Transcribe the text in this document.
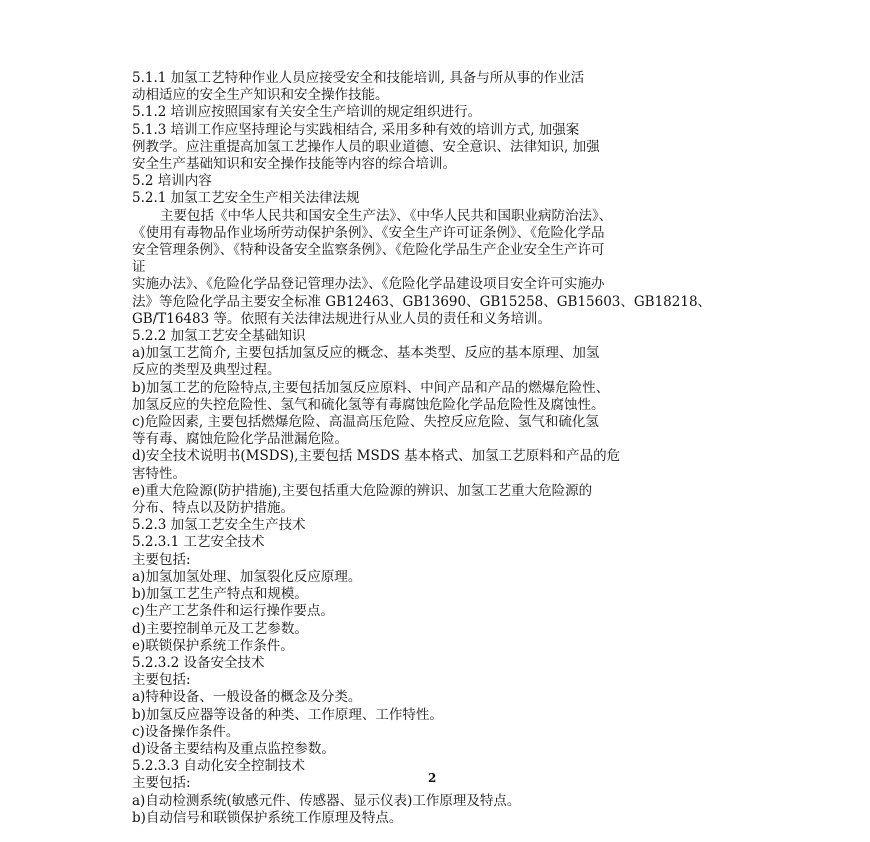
5.1.1 加氢工艺特种作业人员应接受安全和技能培训, 具备与所从事的作业活
动相适应的安全生产知识和安全操作技能。
5.1.2 培训应按照国家有关安全生产培训的规定组织进行。
5.1.3 培训工作应坚持理论与实践相结合, 采用多种有效的培训方式, 加强案
例教学。应注重提高加氢工艺操作人员的职业道德、安全意识、法律知识, 加强
安全生产基础知识和安全操作技能等内容的综合培训。
5.2 培训内容
5.2.1 加氢工艺安全生产相关法律法规
主要包括《中华人民共和国安全生产法》、《中华人民共和国职业病防治法》、
《使用有毒物品作业场所劳动保护条例》、《安全生产许可证条例》、《危险化学品
安全管理条例》、《特种设备安全监察条例》、《危险化学品生产企业安全生产许可
证
实施办法》、《危险化学品登记管理办法》、《危险化学品建设项目安全许可实施办
法》等危险化学品主要安全标准 GB12463、GB13690、GB15258、GB15603、GB18218、
GB/T16483 等。依照有关法律法规进行从业人员的责任和义务培训。
5.2.2 加氢工艺安全基础知识
a)加氢工艺简介, 主要包括加氢反应的概念、基本类型、反应的基本原理、加氢
反应的类型及典型过程。
b)加氢工艺的危险特点,主要包括加氢反应原料、中间产品和产品的燃爆危险性、
加氢反应的失控危险性、氢气和硫化氢等有毒腐蚀危险化学品危险性及腐蚀性。
c)危险因素, 主要包括燃爆危险、高温高压危险、失控反应危险、氢气和硫化氢
等有毒、腐蚀危险化学品泄漏危险。
d)安全技术说明书(MSDS),主要包括 MSDS 基本格式、加氢工艺原料和产品的危
害特性。
e)重大危险源(防护措施),主要包括重大危险源的辨识、加氢工艺重大危险源的
分布、特点以及防护措施。
5.2.3 加氢工艺安全生产技术
5.2.3.1 工艺安全技术
主要包括:
a)加氢加氢处理、加氢裂化反应原理。
b)加氢工艺生产特点和规模。
c)生产工艺条件和运行操作要点。
d)主要控制单元及工艺参数。
e)联锁保护系统工作条件。
5.2.3.2 设备安全技术
主要包括:
a)特种设备、一般设备的概念及分类。
b)加氢反应器等设备的种类、工作原理、工作特性。
c)设备操作条件。
d)设备主要结构及重点监控参数。
5.2.3.3 自动化安全控制技术
主要包括:
a)自动检测系统(敏感元件、传感器、显示仪表)工作原理及特点。
b)自动信号和联锁保护系统工作原理及特点。
2
